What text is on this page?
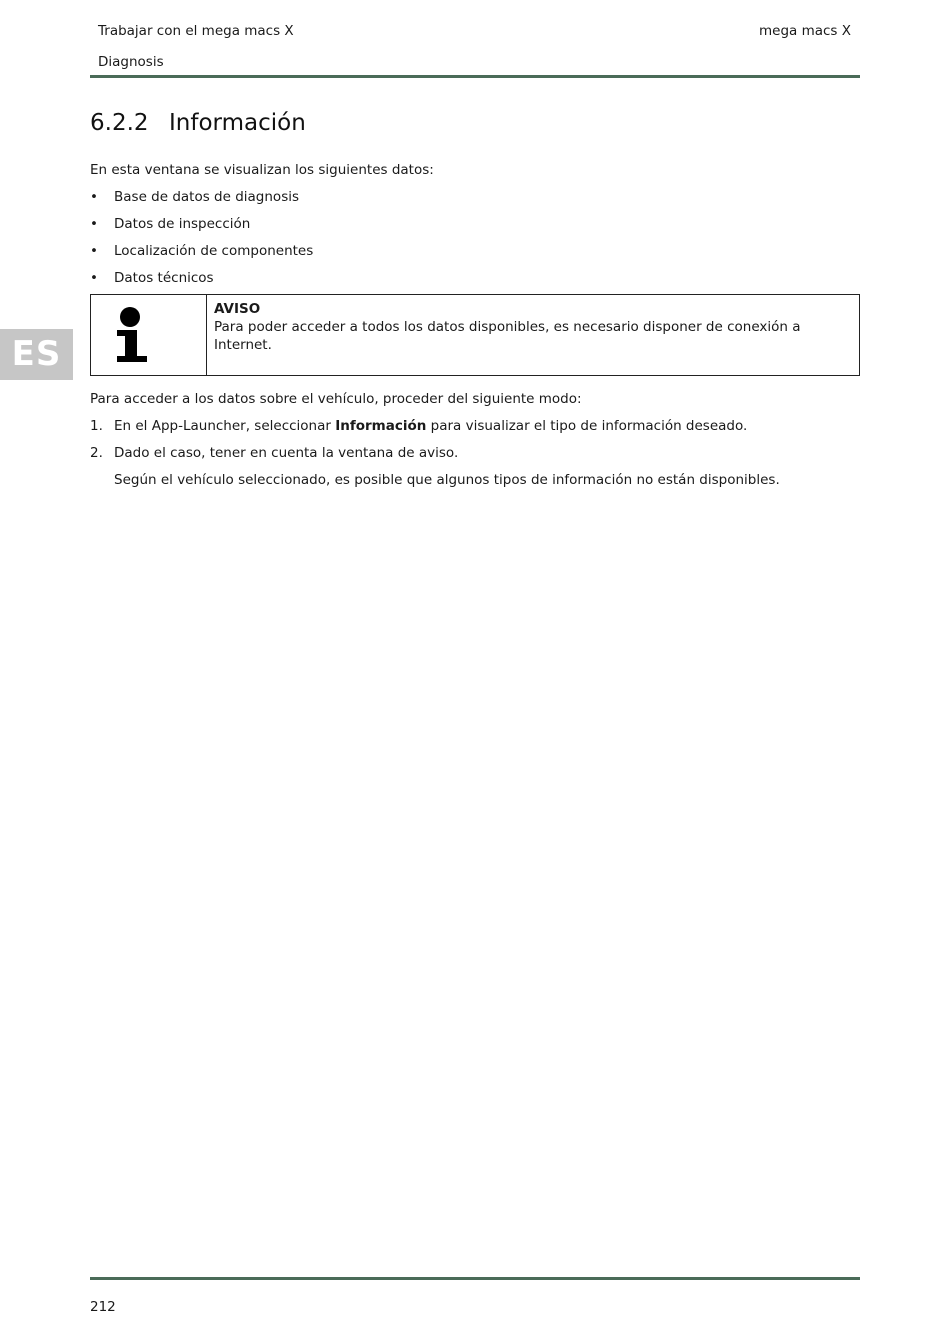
Trabajar con el mega macs X
Diagnosis
mega macs X
ES
6.2.2 Información
En esta ventana se visualizan los siguientes datos:
• Base de datos de diagnosis
• Datos de inspección
• Localización de componentes
• Datos técnicos
AVISO
Para poder acceder a todos los datos disponibles, es necesario disponer de conexión a Internet.
Para acceder a los datos sobre el vehículo, proceder del siguiente modo:
1. En el App-Launcher, seleccionar Información para visualizar el tipo de información deseado.
2. Dado el caso, tener en cuenta la ventana de aviso.
Según el vehículo seleccionado, es posible que algunos tipos de información no están disponibles.
212
